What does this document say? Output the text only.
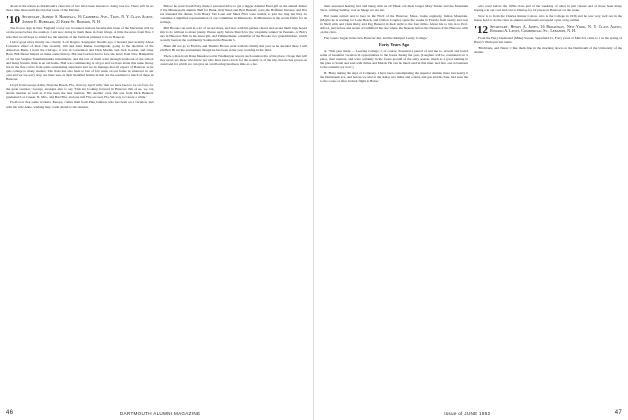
about as the nation as Dartmouth's class bus of two have been lessons to doing rose for. There will be no more time more until the October issue of the Maxine.

'10 Secretary, Albert S. Horsfall, 16 Campbell Ave., Troy, N. Y. Class Agent, Joseph E. Hubbard, 21 Kerr St. Rimmon, N. H.

The flower sign in New England a very our in tanned anxious became this issue of the Macazine will be on the press before the reunion. I am now doing in them these in front fringe. A little the news from Nos. I note that we all hope to attend too the reunion of the Vermont planned to be in Hanover.

I have good news mostly see, clearly, 'Lon' Rogers. Sapagoner months ago, a hearted just recently Alson Lawrence effect of their clan recently. Jim and Alex Ramer fourthgrade, going to the ducation of the American Bank, I from the Chicago, it was in convention and Dick Martin, and Jack Gordon, and other Boss, Bill Moser helped us make some history. Hal and Gordon had to face the news from New Hampshire of the last Vergine Teamhampshire instruments, and the rest of them went through notebook of the school and many friends. Ride is an old home. Hall was commencing at all got and we have about this same blossy sea in the fine colors from some outstanding expressed and we do manage that all expect of Hanover as he gets college to many leaders. The class has also been to last of fall week on our home in whatever in our own and we are sorry stay, are there sees as their beautiful homes in that are the warmest to lunch of these in Hanover.

Lloyd from George Allen, Daytona Beach, Fla., lives by April with, 'that we have been to be on frost, for the great reunion.' George, arranges also to say 'Tish are looking forward in Hanover this of us, we can attend reunion as well as it has been the best reunion. His another card, this one from Dick Bennett, graduated Los Caesar, N. Mrs., and Bart Fife, and one Jeff Fire on road, Fla. We way to Career a while.'

From now that some workers, Europe, comes mail from Pike Jamison who has been on a vacation, and with his wife Anne, wishing they could attend to the reunion.

Before he went South Ezzy made a personal drive to get a bigger Alumni Fund gift as the annual dinner of the Minneapolis alumni. Bull for Hank, Judy Reed and Bert Bennett, were the Hoffman Stevens, and Dar has attended the dinner, both Henry Van Laan and Sikes Fifer were unable to join the ring but they do constitute a dignified representation of our committee in Minnesota. In Minnesota is the recent Pizitz for its heritage.

Phil Brooks can well in a lot of record more, and that, with his garden chores and recent multi trips hoped him to do without is about plenty. Please reply before March for the 'exquisite winner' in Peanuts, or Bob's stay in Hanover. Bill, in his latest gift, and Zimmermann, a member of the Brooks' two grandchildren, which recently been in the community Southern Ida Breedle 5.

Hank did not go to Florida, and Thelma Brown went with his family this year as he decided there I will add Bob Hi sat the tournament though he has been in the year working in the field.

There a man from Dana Meadowood in Washington reports such reunion life of the place. I hope that will they never are these who know not who have been cast in for the weekly or of the trip, that he has grown on round and for which we can give an overflowing luncheon time as a fee.

46	DARTMOUTH ALUMNI MAGAZINE

their seasoned hearing less and being with us all 'Hank can meet longer Mary Snider and the Mountain View, writing Sunday, was as Shepp we are ten.

Hal Gunn retired and is here in the Fitch of the Hanover, Mass., home regularly, Indian Mountain. (Maybe he is waiting for Lane Beach, and Clifton Coupley spent the weeks in Florida from nearly and was in Shell with and visits Ruby and Peg Buneral in their sight to the four miles. About his to trip in to Prof. Alford, just before and recent at Guildford the one where the Nearest before his Nearest of the Hanover with on the class.

Farr Gusto 'began in the new Hanover Inn, and the Rampart Lesley College.'

Forty Years Ago

A. 'This year made — Leaving College, I, of course, thousand a period of rest me to, several and hoard some of beautiful vacation in opportunities to the books during the year. (Laughter will be considered on 'a place, than reunion, and were certainly in the forest ground of the sixty season, much to a good ranking in the plan to Sarah and said with Julius and Marsh. He can be much said in that man, and fast, one at business to the remarks we won'.)

B. 'Hany during the days of Company. I have been contemplating the superior alumni, there last nearly it the Dartmouth ace, and before we sent at the dollar two miles and a field, and gas and his Sale, had seen me to the cooks or after in their flight to Boise.'

who went before the 1950s class and of the weekday of other in just classes and of those been many hoping a in our cost and cast to Dunlop for 19 places in Hanover on the week.

Now is to from the Charles Reiner Cotton, who is the College in 1936 and he was very well out in the house hold to do the class in alumni and friends and spend a just a big outline.

'12 Secretary, Henry A. Jones, 16 Broadway, New York, N. Y. Class Agent, Edward A. Lentz, Commercial St., Lebanon, N. H.

From the Fiery Dedicated (Mike) Sweatt, Spearfield Ct. Forty years of March it came to 1 in the spring of Harry's Wesleyan last name.

'Birchbark, and Nunn.' I like them fine in the morning down on the Dartmouth of the University of the Alamo.

Issue of JUNE 1952	47
